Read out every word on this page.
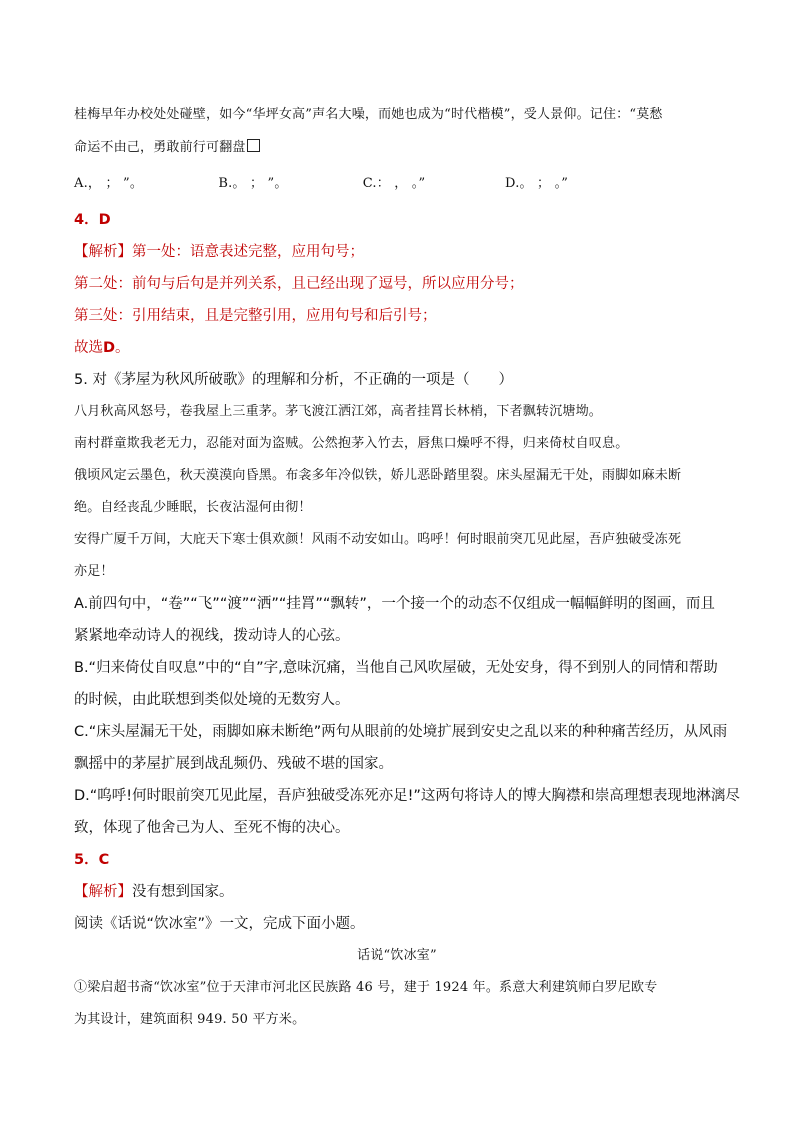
桂梅早年办校处处碰壁，如今“华坪女高”声名大噪，而她也成为“时代楷模”，受人景仰。记住：“莫愁
命运不由己，勇敢前行可翻盘
A.， ； ”。	B.。 ； ”。	C.： ， 。”	D.。 ； 。”
4．D
【解析】第一处：语意表述完整，应用句号；
第二处：前句与后句是并列关系，且已经出现了逗号，所以应用分号；
第三处：引用结束，且是完整引用，应用句号和后引号；
故选D。
5. 对《茅屋为秋风所破歌》的理解和分析，不正确的一项是（　　）
八月秋高风怒号，卷我屋上三重茅。茅飞渡江洒江郊，高者挂罥长林梢，下者飘转沉塘坳。
南村群童欺我老无力，忍能对面为盗贼。公然抱茅入竹去，唇焦口燥呼不得，归来倚杖自叹息。
俄顷风定云墨色，秋天漠漠向昏黑。布衾多年冷似铁，娇儿恶卧踏里裂。床头屋漏无干处，雨脚如麻未断
绝。自经丧乱少睡眠，长夜沾湿何由彻！
安得广厦千万间，大庇天下寒士俱欢颜！风雨不动安如山。呜呼！何时眼前突兀见此屋，吾庐独破受冻死
亦足！
A.前四句中，“卷”“飞”“渡”“洒”“挂罥”“飘转”，一个接一个的动态不仅组成一幅幅鲜明的图画，而且
紧紧地牵动诗人的视线，拨动诗人的心弦。
B.“归来倚仗自叹息”中的“自”字,意味沉痛，当他自己风吹屋破，无处安身，得不到别人的同情和帮助
的时候，由此联想到类似处境的无数穷人。
C.“床头屋漏无干处，雨脚如麻未断绝”两句从眼前的处境扩展到安史之乱以来的种种痛苦经历，从风雨
飘摇中的茅屋扩展到战乱频仍、残破不堪的国家。
D.“呜呼!何时眼前突兀见此屋，吾庐独破受冻死亦足!”这两句将诗人的博大胸襟和崇高理想表现地淋漓尽
致，体现了他舍己为人、至死不悔的决心。
5．C
【解析】没有想到国家。
阅读《话说“饮冰室”》一文，完成下面小题。
话说“饮冰室”
①梁启超书斋“饮冰室”位于天津市河北区民族路 46 号，建于 1924 年。系意大利建筑师白罗尼欧专
为其设计，建筑面积 949. 50 平方米。
